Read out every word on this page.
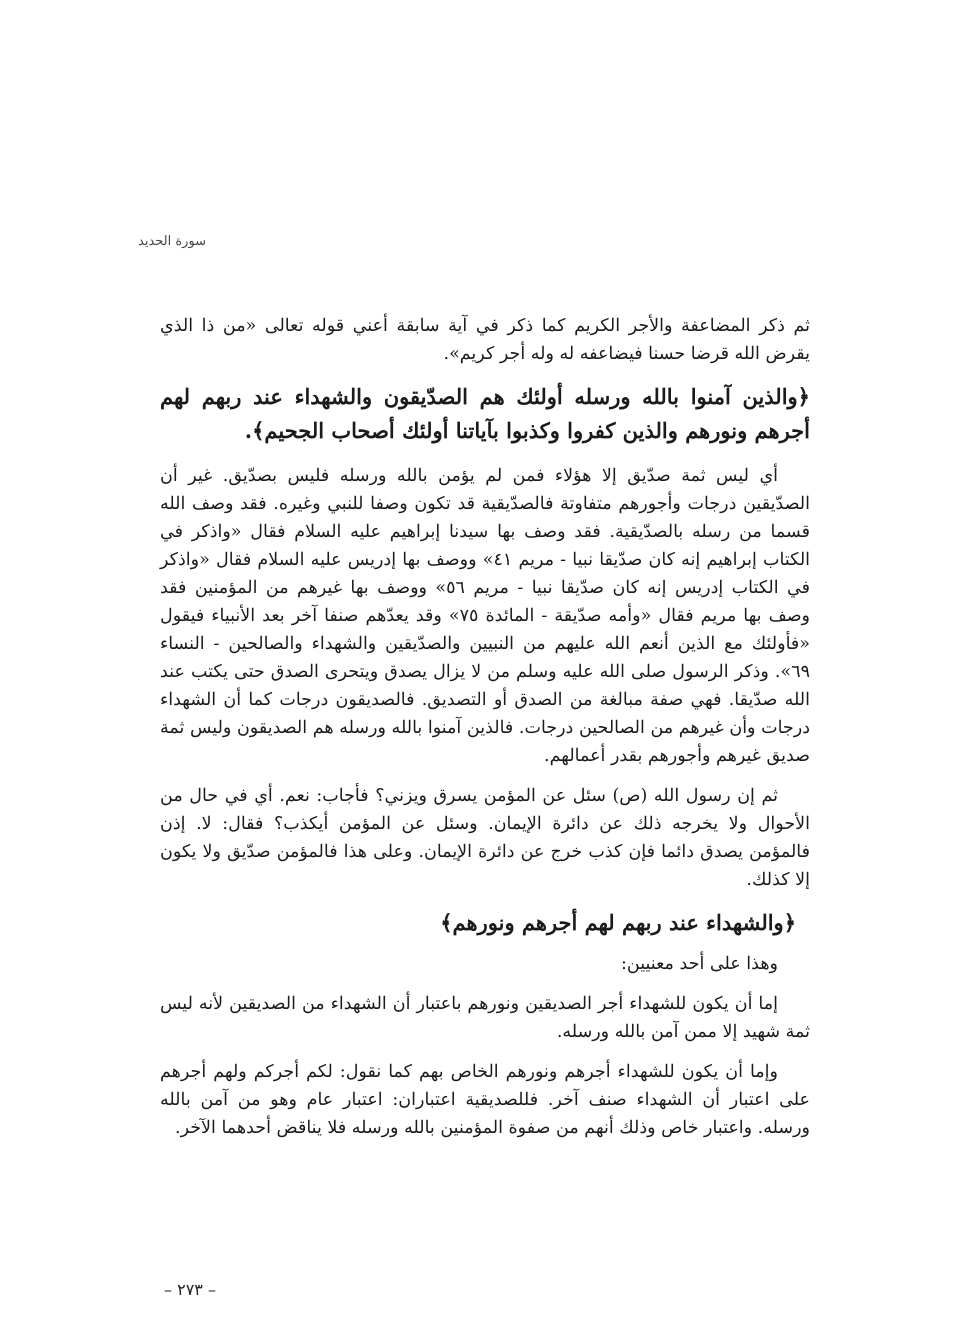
سورة الحديد

ثم ذكر المضاعفة والأجر الكريم كما ذكر في آية سابقة أعني قوله تعالى «من ذا الذي يقرض الله قرضا حسنا فيضاعفه له وله أجر كريم».

﴿والذين آمنوا بالله ورسله أولئك هم الصدّيقون والشهداء عند ربهم لهم أجرهم ونورهم والذين كفروا وكذبوا بآياتنا أولئك أصحاب الجحيم﴾.

أي ليس ثمة صدّيق إلا هؤلاء فمن لم يؤمن بالله ورسله فليس بصدّيق. غير أن الصدّيقين درجات وأجورهم متفاوتة فالصدّيقية قد تكون وصفا للنبي وغيره. فقد وصف الله قسما من رسله بالصدّيقية. فقد وصف بها سيدنا إبراهيم عليه السلام فقال «واذكر في الكتاب إبراهيم إنه كان صدّيقا نبيا - مريم ٤١» ووصف بها إدريس عليه السلام فقال «واذكر في الكتاب إدريس إنه كان صدّيقا نبيا - مريم ٥٦» ووصف بها غيرهم من المؤمنين فقد وصف بها مريم فقال «وأمه صدّيقة - المائدة ٧٥» وقد يعدّهم صنفا آخر بعد الأنبياء فيقول «فأولئك مع الذين أنعم الله عليهم من النبيين والصدّيقين والشهداء والصالحين - النساء ٦٩». وذكر الرسول صلى الله عليه وسلم من لا يزال يصدق ويتحرى الصدق حتى يكتب عند الله صدّيقا. فهي صفة مبالغة من الصدق أو التصديق. فالصديقون درجات كما أن الشهداء درجات وأن غيرهم من الصالحين درجات. فالذين آمنوا بالله ورسله هم الصديقون وليس ثمة صديق غيرهم وأجورهم بقدر أعمالهم.

ثم إن رسول الله (ص) سئل عن المؤمن يسرق ويزني؟ فأجاب: نعم. أي في حال من الأحوال ولا يخرجه ذلك عن دائرة الإيمان. وسئل عن المؤمن أيكذب؟ فقال: لا. إذن فالمؤمن يصدق دائما فإن كذب خرج عن دائرة الإيمان. وعلى هذا فالمؤمن صدّيق ولا يكون إلا كذلك.

﴿والشهداء عند ربهم لهم أجرهم ونورهم﴾

وهذا على أحد معنيين:

إما أن يكون للشهداء أجر الصديقين ونورهم باعتبار أن الشهداء من الصديقين لأنه ليس ثمة شهيد إلا ممن آمن بالله ورسله.

وإما أن يكون للشهداء أجرهم ونورهم الخاص بهم كما نقول: لكم أجركم ولهم أجرهم على اعتبار أن الشهداء صنف آخر. فللصديقية اعتباران: اعتبار عام وهو من آمن بالله ورسله. واعتبار خاص وذلك أنهم من صفوة المؤمنين بالله ورسله فلا يناقض أحدهما الآخر.

– ٢٧٣ –
